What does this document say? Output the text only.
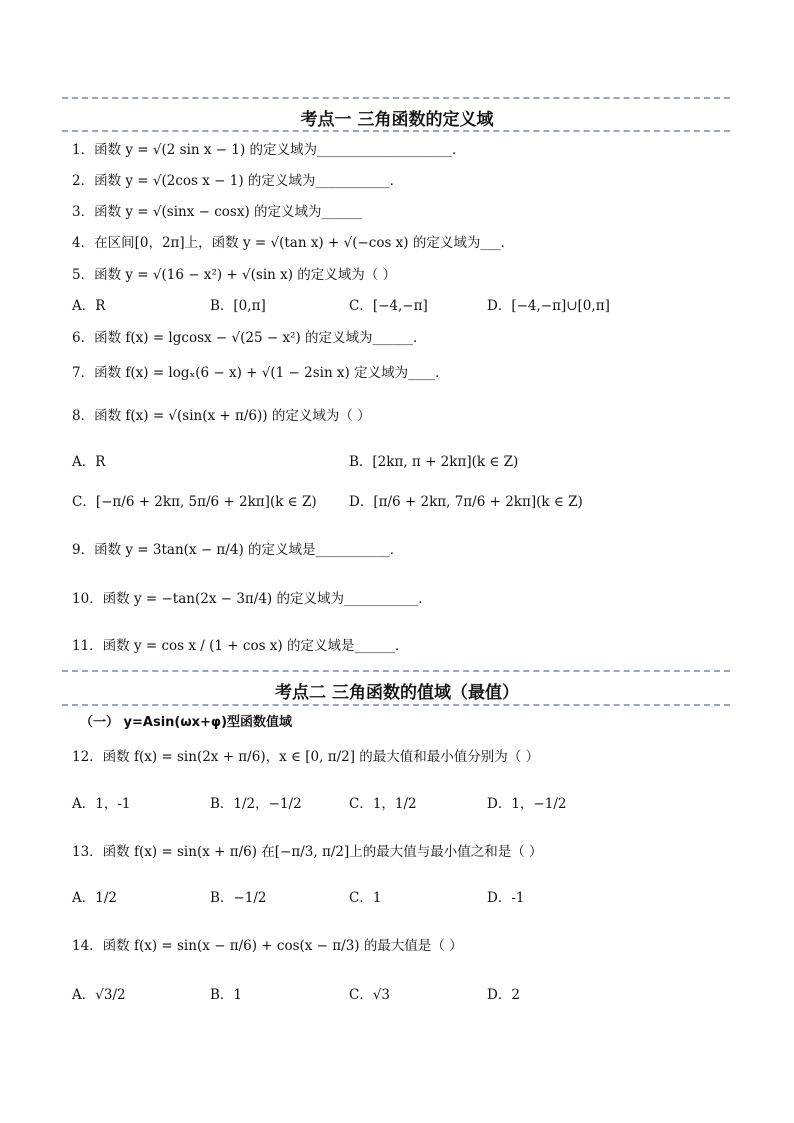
考点一 三角函数的定义域
1．函数 y = √(2 sin x − 1) 的定义域为____________________．
2．函数 y = √(2cos x − 1) 的定义域为___________．
3．函数 y = √(sinx − cosx) 的定义域为______
4．在区间[0，2π]上，函数 y = √(tan x) + √(−cos x) 的定义域为___．
5．函数 y = √(16 − x²) + √(sin x) 的定义域为（ ）
A．R	B．[0,π]	C．[−4,−π]	D．[−4,−π]∪[0,π]
6．函数 f(x) = lgcosx − √(25 − x²) 的定义域为______．
7．函数 f(x) = logₓ(6 − x) + √(1 − 2sin x) 定义域为____．
8．函数 f(x) = √(sin(x + π/6)) 的定义域为（ ）
A．R	B．[2kπ, π + 2kπ](k ∈ Z)
C．[−π/6 + 2kπ, 5π/6 + 2kπ](k ∈ Z) D．[π/6 + 2kπ, 7π/6 + 2kπ](k ∈ Z)
9．函数 y = 3tan(x − π/4) 的定义域是___________．
10．函数 y = −tan(2x − 3π/4) 的定义域为___________．
11．函数 y = cos x / (1 + cos x) 的定义域是______．
考点二 三角函数的值域（最值）
（一） y=Asin(ωx+φ)型函数值域
12．函数 f(x) = sin(2x + π/6)，x ∈ [0, π/2] 的最大值和最小值分别为（ ）
A．1，-1	B．1/2，−1/2	C．1，1/2	D．1，−1/2
13．函数 f(x) = sin(x + π/6) 在[−π/3, π/2]上的最大值与最小值之和是（ ）
A．1/2	B．−1/2	C．1	D．-1
14．函数 f(x) = sin(x − π/6) + cos(x − π/3) 的最大值是（ ）
A．√3/2	B．1	C．√3	D．2
